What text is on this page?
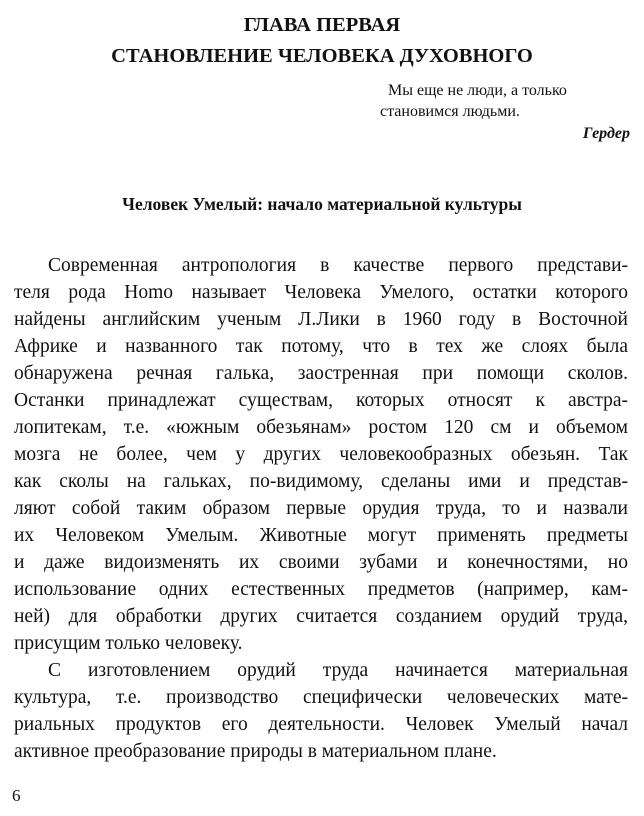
ГЛАВА ПЕРВАЯ
СТАНОВЛЕНИЕ ЧЕЛОВЕКА ДУХОВНОГО
Мы еще не люди, а только
становимся людьми.
Гердер
Человек Умелый: начало материальной культуры
Современная антропология в качестве первого представи-
теля рода Homo называет Человека Умелого, остатки которого
найдены английским ученым Л.Лики в 1960 году в Восточной
Африке и названного так потому, что в тех же слоях была
обнаружена речная галька, заостренная при помощи сколов.
Останки принадлежат существам, которых относят к австра-
лопитекам, т.е. «южным обезьянам» ростом 120 см и объемом
мозга не более, чем у других человекообразных обезьян. Так
как сколы на гальках, по-видимому, сделаны ими и представ-
ляют собой таким образом первые орудия труда, то и назвали
их Человеком Умелым. Животные могут применять предметы
и даже видоизменять их своими зубами и конечностями, но
использование одних естественных предметов (например, кам-
ней) для обработки других считается созданием орудий труда,
присущим только человеку.
С изготовлением орудий труда начинается материальная
культура, т.е. производство специфически человеческих мате-
риальных продуктов его деятельности. Человек Умелый начал
активное преобразование природы в материальном плане.
6
